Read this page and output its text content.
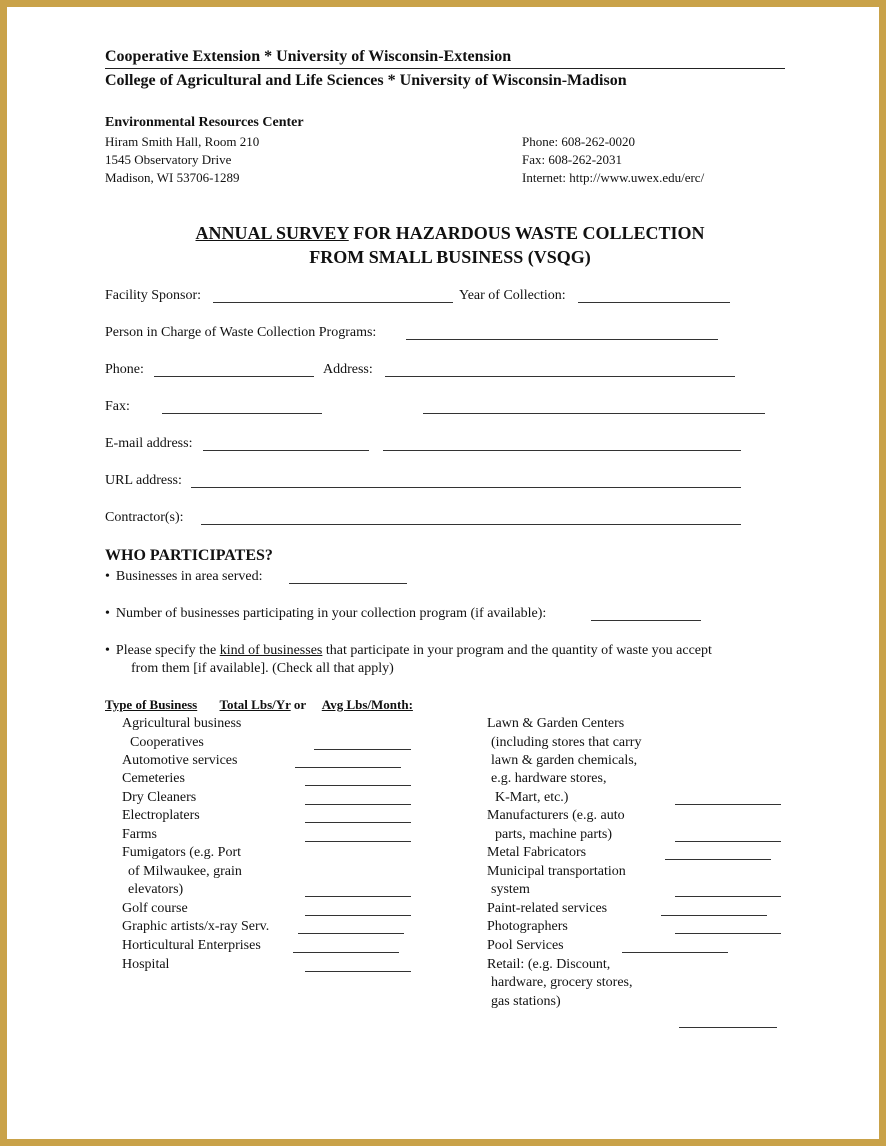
Cooperative Extension * University of Wisconsin-Extension
College of Agricultural and Life Sciences * University of Wisconsin-Madison
Environmental Resources Center
Hiram Smith Hall, Room 210
1545 Observatory Drive
Madison, WI 53706-1289
Phone: 608-262-0020
Fax: 608-262-2031
Internet: http://www.uwex.edu/erc/
ANNUAL SURVEY FOR HAZARDOUS WASTE COLLECTION
FROM SMALL BUSINESS (VSQG)
Facility Sponsor:	Year of Collection:
Person in Charge of Waste Collection Programs:
Phone:	Address:
Fax:
E-mail address:
URL address:
Contractor(s):
WHO PARTICIPATES?
• Businesses in area served:
• Number of businesses participating in your collection program (if available):
• Please specify the kind of businesses that participate in your program and the quantity of waste you accept
from them [if available]. (Check all that apply)
Type of Business Total Lbs/Yr or  Avg Lbs/Month:
Agricultural business
Cooperatives
Automotive services
Cemeteries
Dry Cleaners
Electroplaters
Farms
Fumigators (e.g. Port
of Milwaukee, grain
elevators)
Golf course
Graphic artists/x-ray Serv.
Horticultural Enterprises
Hospital
Lawn & Garden Centers
(including stores that carry
lawn & garden chemicals,
e.g. hardware stores,
K-Mart, etc.)
Manufacturers (e.g. auto
parts, machine parts)
Metal Fabricators
Municipal transportation
system
Paint-related services
Photographers
Pool Services
Retail: (e.g. Discount,
hardware, grocery stores,
gas stations)
